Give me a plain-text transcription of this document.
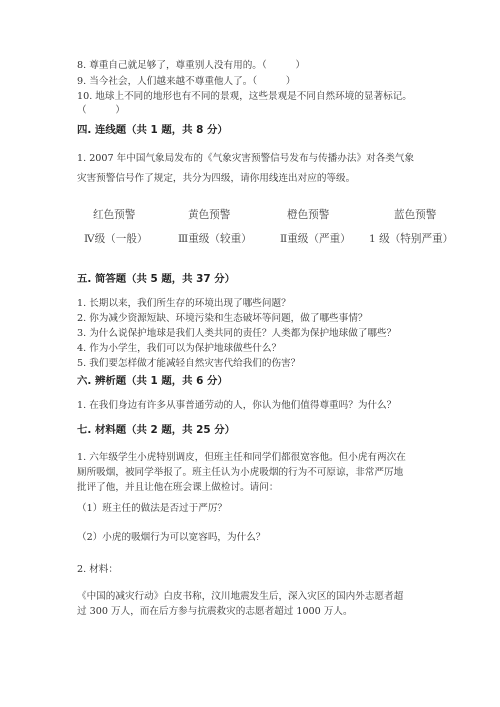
8. 尊重自己就足够了，尊重别人没有用的。（　　　）
9. 当今社会，人们越来越不尊重他人了。（　　　）
10. 地球上不同的地形也有不同的景观，这些景观是不同自然环境的显著标记。
（　　　）
四. 连线题（共 1 题，共 8 分）
1. 2007 年中国气象局发布的《气象灾害预警信号发布与传播办法》对各类气象
灾害预警信号作了规定，共分为四级，请你用线连出对应的等级。
红色预警	黄色预警	橙色预警	蓝色预警
Ⅳ级（一般）	Ⅲ重级（较重）	Ⅱ重级（严重） 1 级（特别严重）
五. 简答题（共 5 题，共 37 分）
1. 长期以来，我们所生存的环境出现了哪些问题？
2. 你为减少资源短缺、环境污染和生态破坏等问题，做了哪些事情？
3. 为什么说保护地球是我们人类共同的责任？人类都为保护地球做了哪些？
4. 作为小学生，我们可以为保护地球做些什么？
5. 我们要怎样做才能减轻自然灾害代给我们的伤害？
六. 辨析题（共 1 题，共 6 分）
1. 在我们身边有许多从事普通劳动的人，你认为他们值得尊重吗？为什么？
七. 材料题（共 2 题，共 25 分）
1. 六年级学生小虎特别调皮，但班主任和同学们都很宽容他。但小虎有两次在
厕所吸烟，被同学举报了。班主任认为小虎吸烟的行为不可原谅，非常严厉地
批评了他，并且让他在班会课上做检讨。请问：
（1）班主任的做法是否过于严厉？
（2）小虎的吸烟行为可以宽容吗，为什么？
2. 材料：
《中国的减灾行动》白皮书称，汶川地震发生后，深入灾区的国内外志愿者超
过 300 万人，而在后方参与抗震救灾的志愿者超过 1000 万人。
